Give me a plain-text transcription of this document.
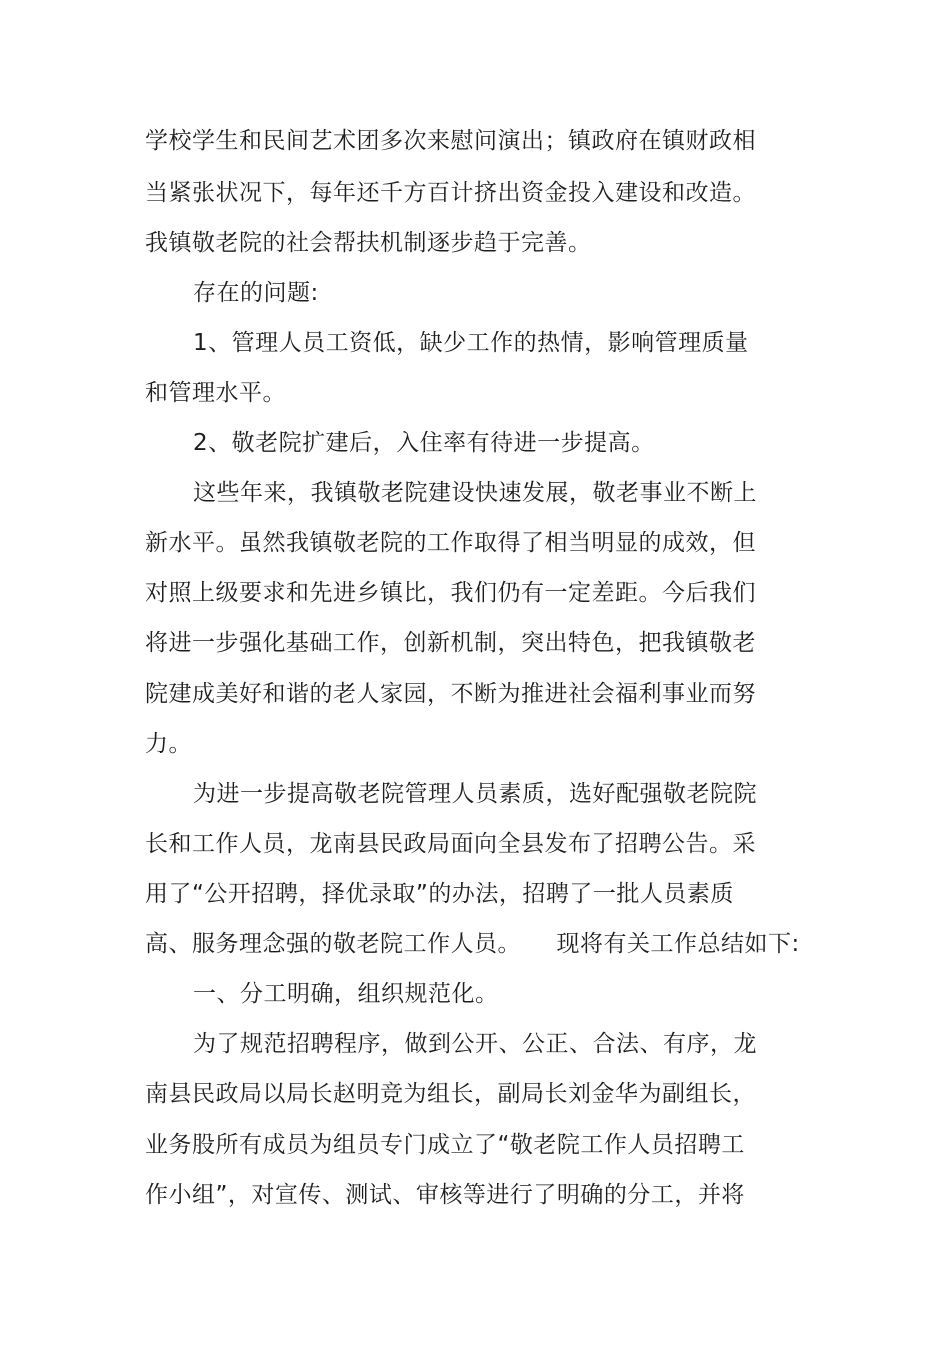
学校学生和民间艺术团多次来慰问演出；镇政府在镇财政相
当紧张状况下，每年还千方百计挤出资金投入建设和改造。
我镇敬老院的社会帮扶机制逐步趋于完善。
存在的问题:
1、管理人员工资低，缺少工作的热情，影响管理质量
和管理水平。
2、敬老院扩建后，入住率有待进一步提高。
这些年来，我镇敬老院建设快速发展，敬老事业不断上
新水平。虽然我镇敬老院的工作取得了相当明显的成效，但
对照上级要求和先进乡镇比，我们仍有一定差距。今后我们
将进一步强化基础工作，创新机制，突出特色，把我镇敬老
院建成美好和谐的老人家园，不断为推进社会福利事业而努
力。
为进一步提高敬老院管理人员素质，选好配强敬老院院
长和工作人员，龙南县民政局面向全县发布了招聘公告。采
用了“公开招聘，择优录取”的办法，招聘了一批人员素质
高、服务理念强的敬老院工作人员。　　现将有关工作总结如下:
一、分工明确，组织规范化。
为了规范招聘程序，做到公开、公正、合法、有序，龙
南县民政局以局长赵明竞为组长，副局长刘金华为副组长，
业务股所有成员为组员专门成立了“敬老院工作人员招聘工
作小组”，对宣传、测试、审核等进行了明确的分工，并将
